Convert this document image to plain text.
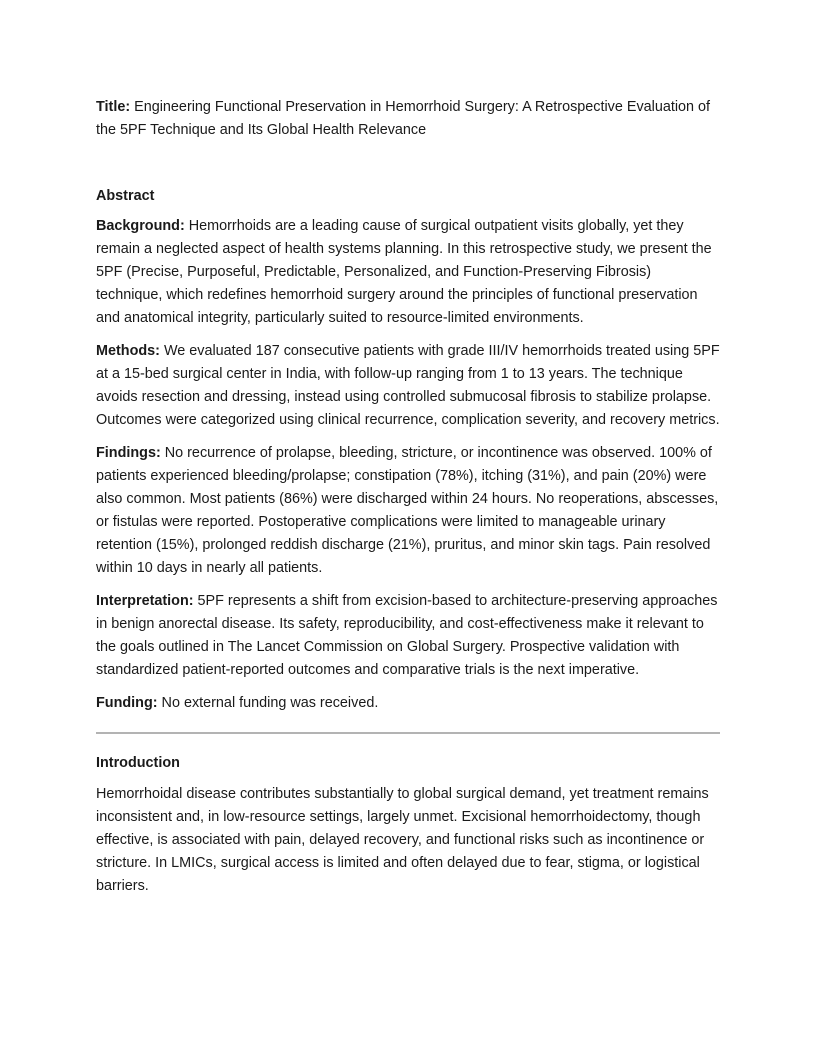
Title: Engineering Functional Preservation in Hemorrhoid Surgery: A Retrospective Evaluation of the 5PF Technique and Its Global Health Relevance

Abstract

Background: Hemorrhoids are a leading cause of surgical outpatient visits globally, yet they remain a neglected aspect of health systems planning. In this retrospective study, we present the 5PF (Precise, Purposeful, Predictable, Personalized, and Function-Preserving Fibrosis) technique, which redefines hemorrhoid surgery around the principles of functional preservation and anatomical integrity, particularly suited to resource-limited environments.

Methods: We evaluated 187 consecutive patients with grade III/IV hemorrhoids treated using 5PF at a 15-bed surgical center in India, with follow-up ranging from 1 to 13 years. The technique avoids resection and dressing, instead using controlled submucosal fibrosis to stabilize prolapse. Outcomes were categorized using clinical recurrence, complication severity, and recovery metrics.

Findings: No recurrence of prolapse, bleeding, stricture, or incontinence was observed. 100% of patients experienced bleeding/prolapse; constipation (78%), itching (31%), and pain (20%) were also common. Most patients (86%) were discharged within 24 hours. No reoperations, abscesses, or fistulas were reported. Postoperative complications were limited to manageable urinary retention (15%), prolonged reddish discharge (21%), pruritus, and minor skin tags. Pain resolved within 10 days in nearly all patients.

Interpretation: 5PF represents a shift from excision-based to architecture-preserving approaches in benign anorectal disease. Its safety, reproducibility, and cost-effectiveness make it relevant to the goals outlined in The Lancet Commission on Global Surgery. Prospective validation with standardized patient-reported outcomes and comparative trials is the next imperative.

Funding: No external funding was received.

Introduction

Hemorrhoidal disease contributes substantially to global surgical demand, yet treatment remains inconsistent and, in low-resource settings, largely unmet. Excisional hemorrhoidectomy, though effective, is associated with pain, delayed recovery, and functional risks such as incontinence or stricture. In LMICs, surgical access is limited and often delayed due to fear, stigma, or logistical barriers.
